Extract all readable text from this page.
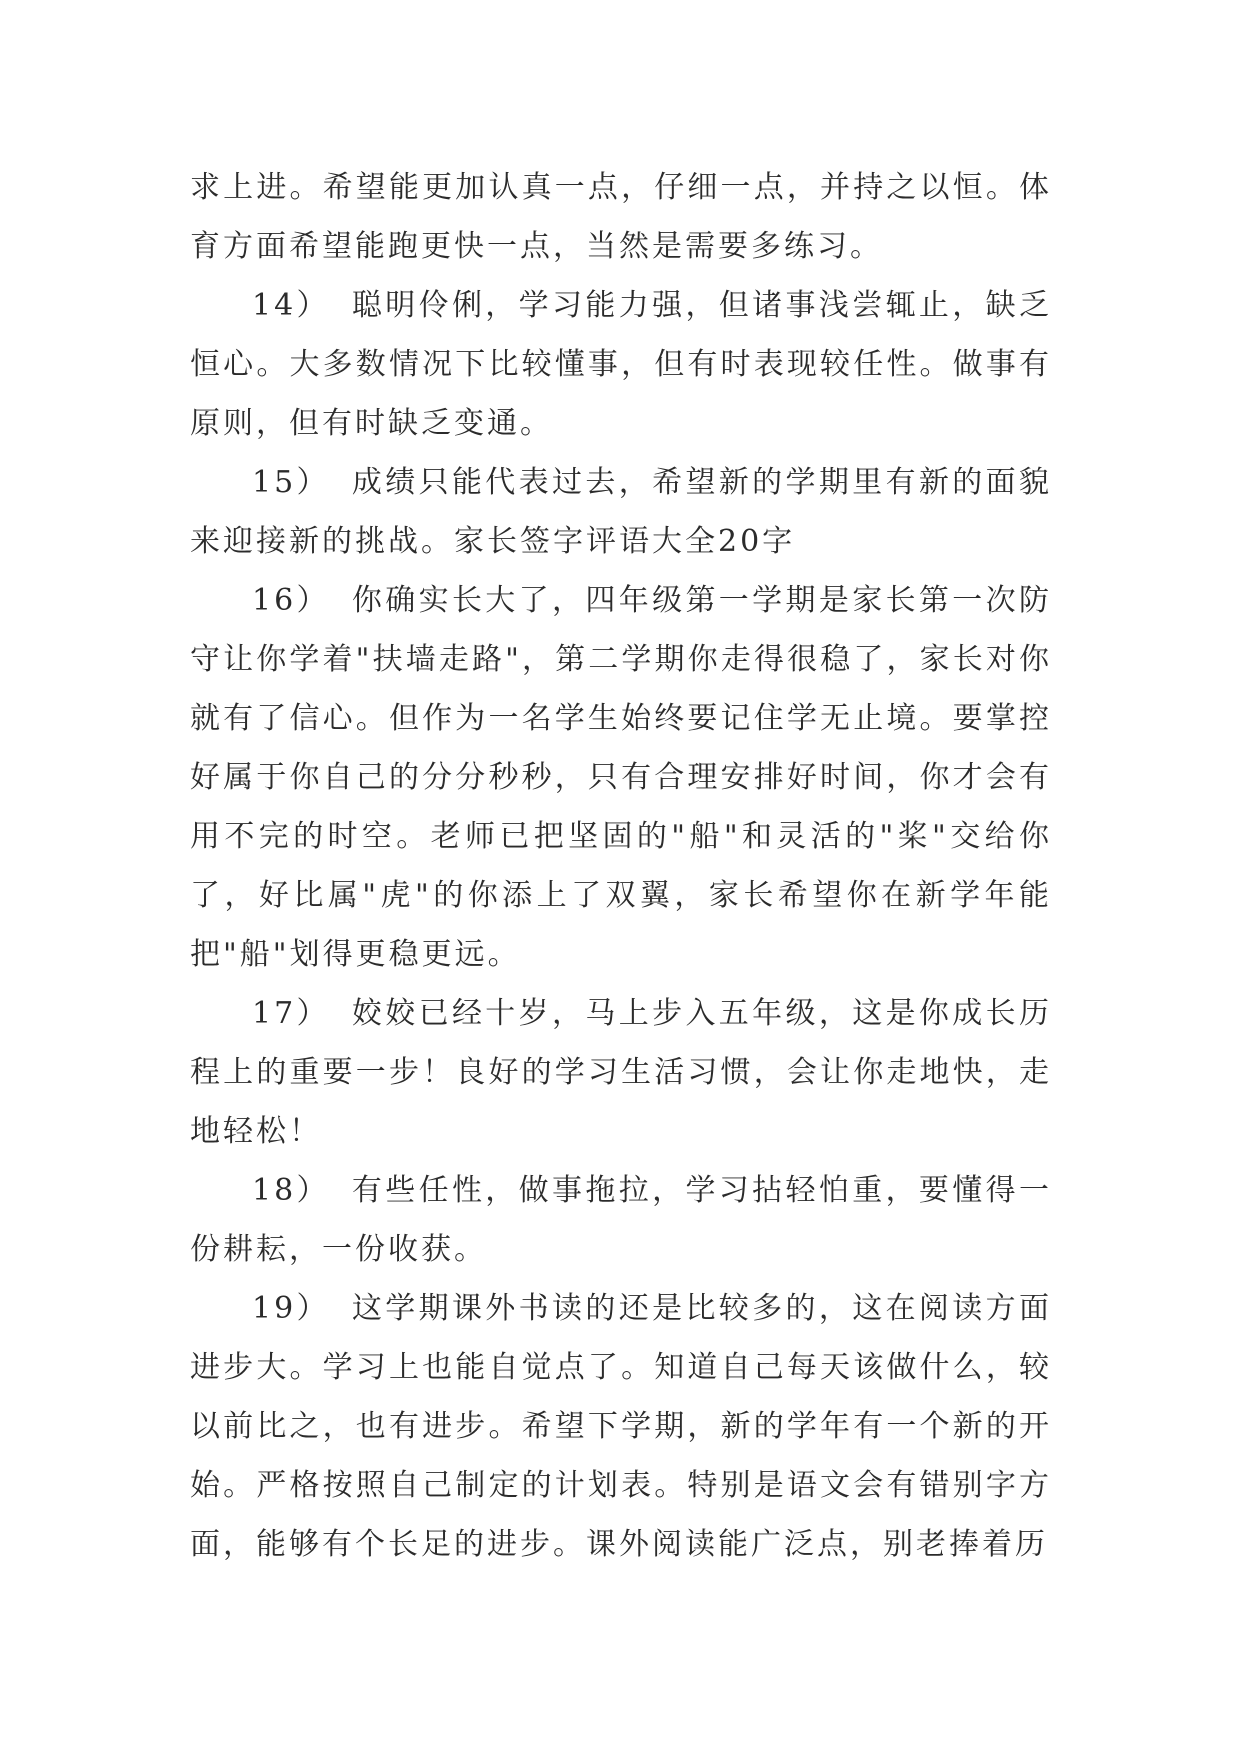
求上进。希望能更加认真一点，仔细一点，并持之以恒。体育方面希望能跑更快一点，当然是需要多练习。

14） 聪明伶俐，学习能力强，但诸事浅尝辄止，缺乏恒心。大多数情况下比较懂事，但有时表现较任性。做事有原则，但有时缺乏变通。

15） 成绩只能代表过去，希望新的学期里有新的面貌来迎接新的挑战。家长签字评语大全20字

16） 你确实长大了，四年级第一学期是家长第一次防守让你学着"扶墙走路"，第二学期你走得很稳了，家长对你就有了信心。但作为一名学生始终要记住学无止境。要掌控好属于你自己的分分秒秒，只有合理安排好时间，你才会有用不完的时空。老师已把坚固的"船"和灵活的"桨"交给你了，好比属"虎"的你添上了双翼，家长希望你在新学年能把"船"划得更稳更远。

17） 姣姣已经十岁，马上步入五年级，这是你成长历程上的重要一步！良好的学习生活习惯，会让你走地快，走地轻松！

18） 有些任性，做事拖拉，学习拈轻怕重，要懂得一份耕耘，一份收获。

19） 这学期课外书读的还是比较多的，这在阅读方面进步大。学习上也能自觉点了。知道自己每天该做什么，较以前比之，也有进步。希望下学期，新的学年有一个新的开始。严格按照自己制定的计划表。特别是语文会有错别字方面，能够有个长足的进步。课外阅读能广泛点，别老捧着历
